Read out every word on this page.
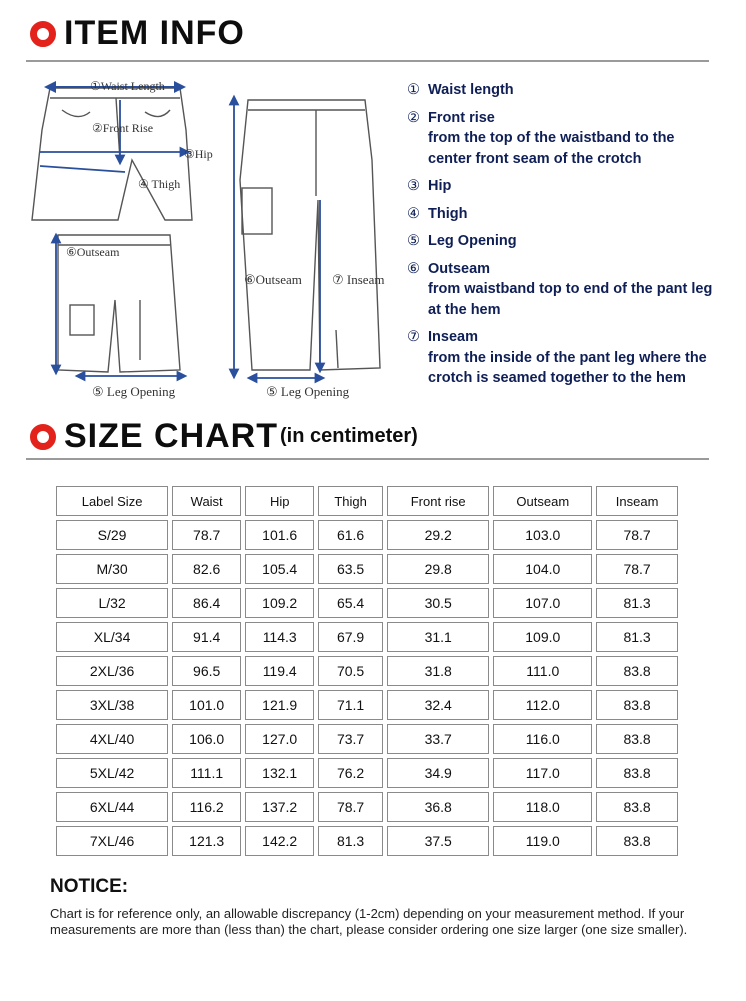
ITEM INFO
①Waist Length
②Front Rise
③Hip
④ Thigh
⑥Outseam
⑤ Leg Opening
⑥Outseam ⑦ Inseam
⑤ Leg Opening
① Waist length
② Front rise
from the top of the waistband to the center front seam of the crotch
③ Hip
④ Thigh
⑤ Leg Opening
⑥ Outseam
from waistband top to end of the pant leg at the hem
⑦ Inseam
from the inside of the pant leg where the crotch is seamed together to the hem
SIZE CHART (in centimeter)
Label Size	Waist	Hip	Thigh	Front rise	Outseam	Inseam
S/29	78.7	101.6	61.6	29.2	103.0	78.7
M/30	82.6	105.4	63.5	29.8	104.0	78.7
L/32	86.4	109.2	65.4	30.5	107.0	81.3
XL/34	91.4	114.3	67.9	31.1	109.0	81.3
2XL/36	96.5	119.4	70.5	31.8	111.0	83.8
3XL/38	101.0	121.9	71.1	32.4	112.0	83.8
4XL/40	106.0	127.0	73.7	33.7	116.0	83.8
5XL/42	111.1	132.1	76.2	34.9	117.0	83.8
6XL/44	116.2	137.2	78.7	36.8	118.0	83.8
7XL/46	121.3	142.2	81.3	37.5	119.0	83.8
NOTICE:
Chart is for reference only, an allowable discrepancy (1-2cm) depending on your measurement method. If your measurements are more than (less than) the chart, please consider ordering one size larger (one size smaller).
